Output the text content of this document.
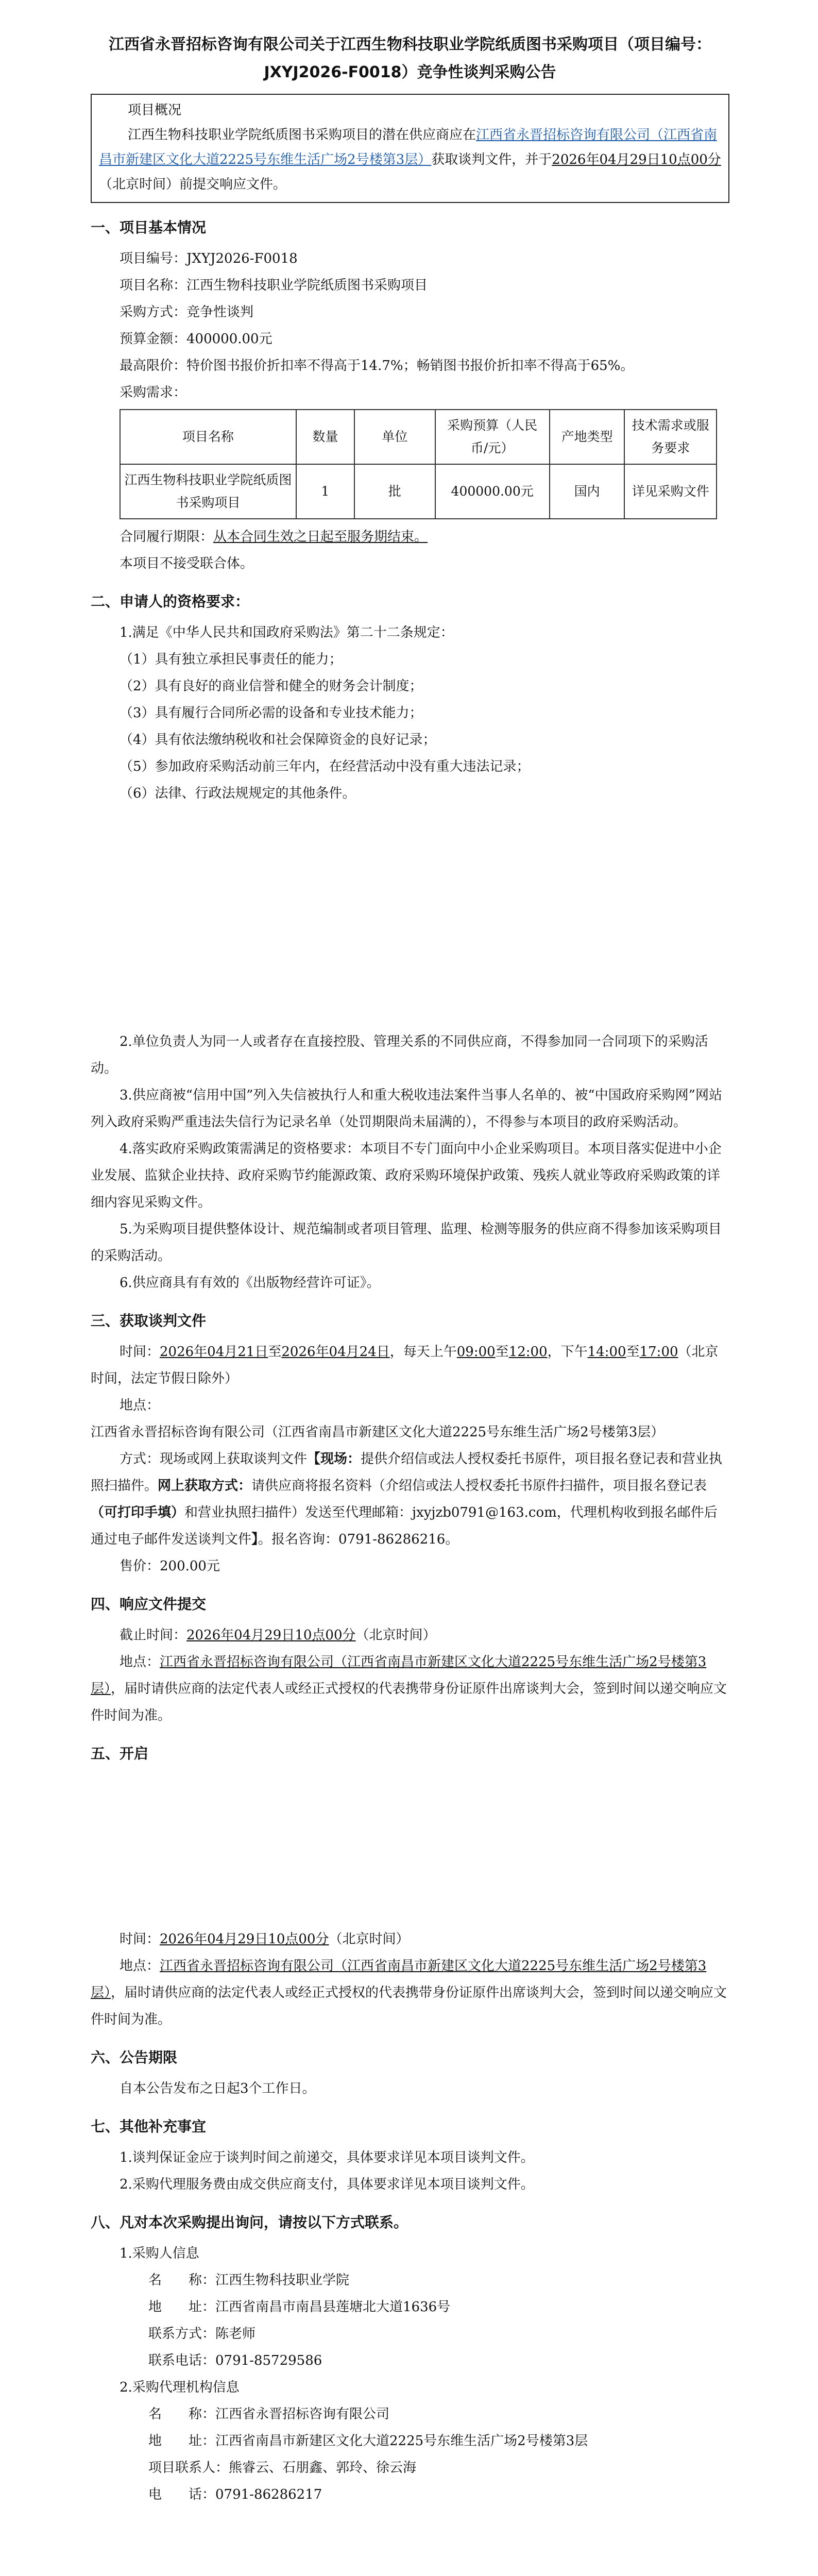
江西省永晋招标咨询有限公司关于江西生物科技职业学院纸质图书采购项目（项目编号：JXYJ2026-F0018）竞争性谈判采购公告

项目概况

江西生物科技职业学院纸质图书采购项目的潜在供应商应在江西省永晋招标咨询有限公司（江西省南昌市新建区文化大道2225号东维生活广场2号楼第3层）获取谈判文件，并于2026年04月29日10点00分（北京时间）前提交响应文件。

一、项目基本情况

项目编号：JXYJ2026-F0018

项目名称：江西生物科技职业学院纸质图书采购项目

采购方式：竞争性谈判

预算金额：400000.00元

最高限价：特价图书报价折扣率不得高于14.7%；畅销图书报价折扣率不得高于65%。

采购需求：

项目名称	数量	单位	采购预算（人民币/元）	产地类型	技术需求或服务要求
江西生物科技职业学院纸质图书采购项目	1	批	400000.00元	国内	详见采购文件

合同履行期限：从本合同生效之日起至服务期结束。

本项目不接受联合体。

二、申请人的资格要求：

1.满足《中华人民共和国政府采购法》第二十二条规定：

（1）具有独立承担民事责任的能力；

（2）具有良好的商业信誉和健全的财务会计制度；

（3）具有履行合同所必需的设备和专业技术能力；

（4）具有依法缴纳税收和社会保障资金的良好记录；

（5）参加政府采购活动前三年内，在经营活动中没有重大违法记录；

（6）法律、行政法规规定的其他条件。

2.单位负责人为同一人或者存在直接控股、管理关系的不同供应商，不得参加同一合同项下的采购活动。

3.供应商被“信用中国”列入失信被执行人和重大税收违法案件当事人名单的、被“中国政府采购网”网站列入政府采购严重违法失信行为记录名单（处罚期限尚未届满的），不得参与本项目的政府采购活动。

4.落实政府采购政策需满足的资格要求：本项目不专门面向中小企业采购项目。本项目落实促进中小企业发展、监狱企业扶持、政府采购节约能源政策、政府采购环境保护政策、残疾人就业等政府采购政策的详细内容见采购文件。

5.为采购项目提供整体设计、规范编制或者项目管理、监理、检测等服务的供应商不得参加该采购项目的采购活动。

6.供应商具有有效的《出版物经营许可证》。

三、获取谈判文件

时间：2026年04月21日至2026年04月24日，每天上午09:00至12:00，下午14:00至17:00（北京时间，法定节假日除外）

地点：江西省永晋招标咨询有限公司（江西省南昌市新建区文化大道2225号东维生活广场2号楼第3层）

方式：现场或网上获取谈判文件【现场：提供介绍信或法人授权委托书原件，项目报名登记表和营业执照扫描件。网上获取方式：请供应商将报名资料（介绍信或法人授权委托书原件扫描件，项目报名登记表（可打印手填）和营业执照扫描件）发送至代理邮箱：jxyjzb0791@163.com，代理机构收到报名邮件后通过电子邮件发送谈判文件】。报名咨询：0791-86286216。

售价：200.00元

四、响应文件提交

截止时间：2026年04月29日10点00分（北京时间）

地点：江西省永晋招标咨询有限公司（江西省南昌市新建区文化大道2225号东维生活广场2号楼第3层），届时请供应商的法定代表人或经正式授权的代表携带身份证原件出席谈判大会，签到时间以递交响应文件时间为准。

五、开启

时间：2026年04月29日10点00分（北京时间）

地点：江西省永晋招标咨询有限公司（江西省南昌市新建区文化大道2225号东维生活广场2号楼第3层），届时请供应商的法定代表人或经正式授权的代表携带身份证原件出席谈判大会，签到时间以递交响应文件时间为准。

六、公告期限

自本公告发布之日起3个工作日。

七、其他补充事宜

1.谈判保证金应于谈判时间之前递交，具体要求详见本项目谈判文件。

2.采购代理服务费由成交供应商支付，具体要求详见本项目谈判文件。

八、凡对本次采购提出询问，请按以下方式联系。

1.采购人信息

名　　称：江西生物科技职业学院

地　　址：江西省南昌市南昌县莲塘北大道1636号

联系方式：陈老师

联系电话：0791-85729586

2.采购代理机构信息

名　　称：江西省永晋招标咨询有限公司

地　　址：江西省南昌市新建区文化大道2225号东维生活广场2号楼第3层

项目联系人：熊睿云、石朋鑫、郭玲、徐云海

电　　话：0791-86286217
